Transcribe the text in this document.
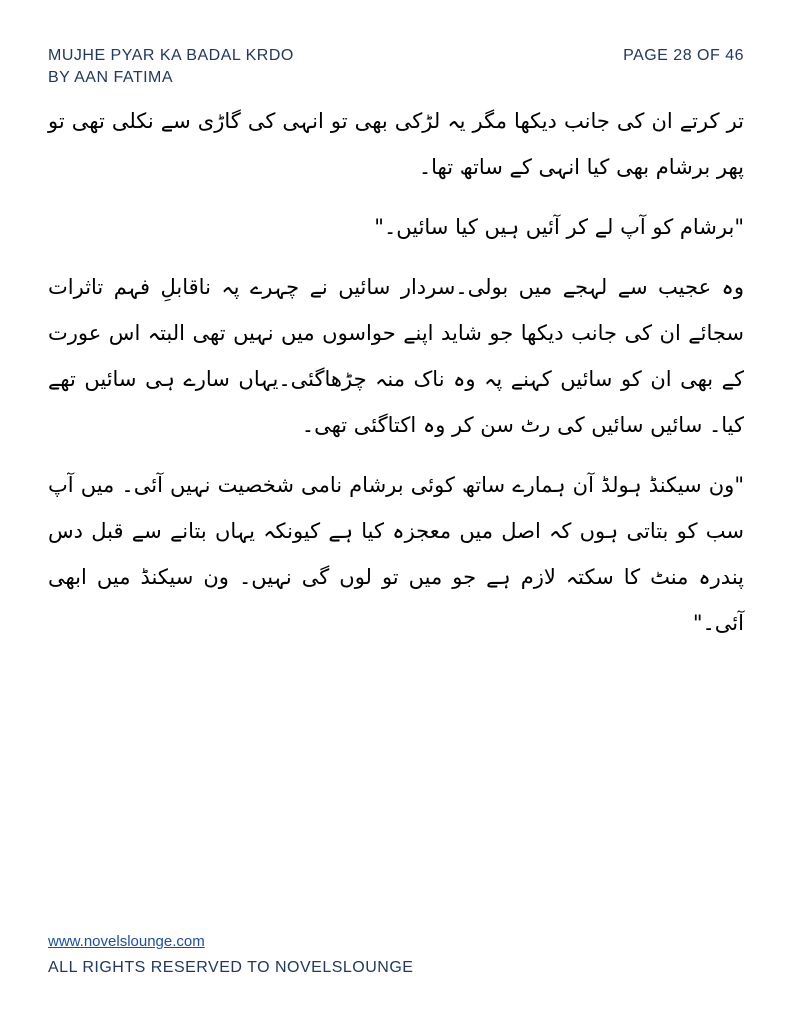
MUJHE PYAR KA BADAL KRDO
BY AAN FATIMA
PAGE 28 OF 46

تر کرتے ان کی جانب دیکھا مگر یہ لڑکی بھی تو انہی کی گاڑی سے نکلی تھی تو پھر برشام بھی کیا انہی کے ساتھ تھا۔

"برشام کو آپ لے کر آئیں ہیں کیا سائیں۔"

وہ عجیب سے لہجے میں بولی۔سردار سائیں نے چہرے پہ ناقابلِ فہم تاثرات سجائے ان کی جانب دیکھا جو شاید اپنے حواسوں میں نہیں تھی البتہ اس عورت کے بھی ان کو سائیں کہنے پہ وہ ناک منہ چڑھاگئی۔یہاں سارے ہی سائیں تھے کیا۔ سائیں سائیں کی رٹ سن کر وہ اکتاگئی تھی۔

"ون سیکنڈ ہولڈ آن ہمارے ساتھ کوئی برشام نامی شخصیت نہیں آئی۔ میں آپ سب کو بتاتی ہوں کہ اصل میں معجزہ کیا ہے کیونکہ یہاں بتانے سے قبل دس پندرہ منٹ کا سکتہ لازم ہے جو میں تو لوں گی نہیں۔ ون سیکنڈ میں ابھی آئی۔"

www.novelslounge.com
ALL RIGHTS RESERVED TO NOVELSLOUNGE
